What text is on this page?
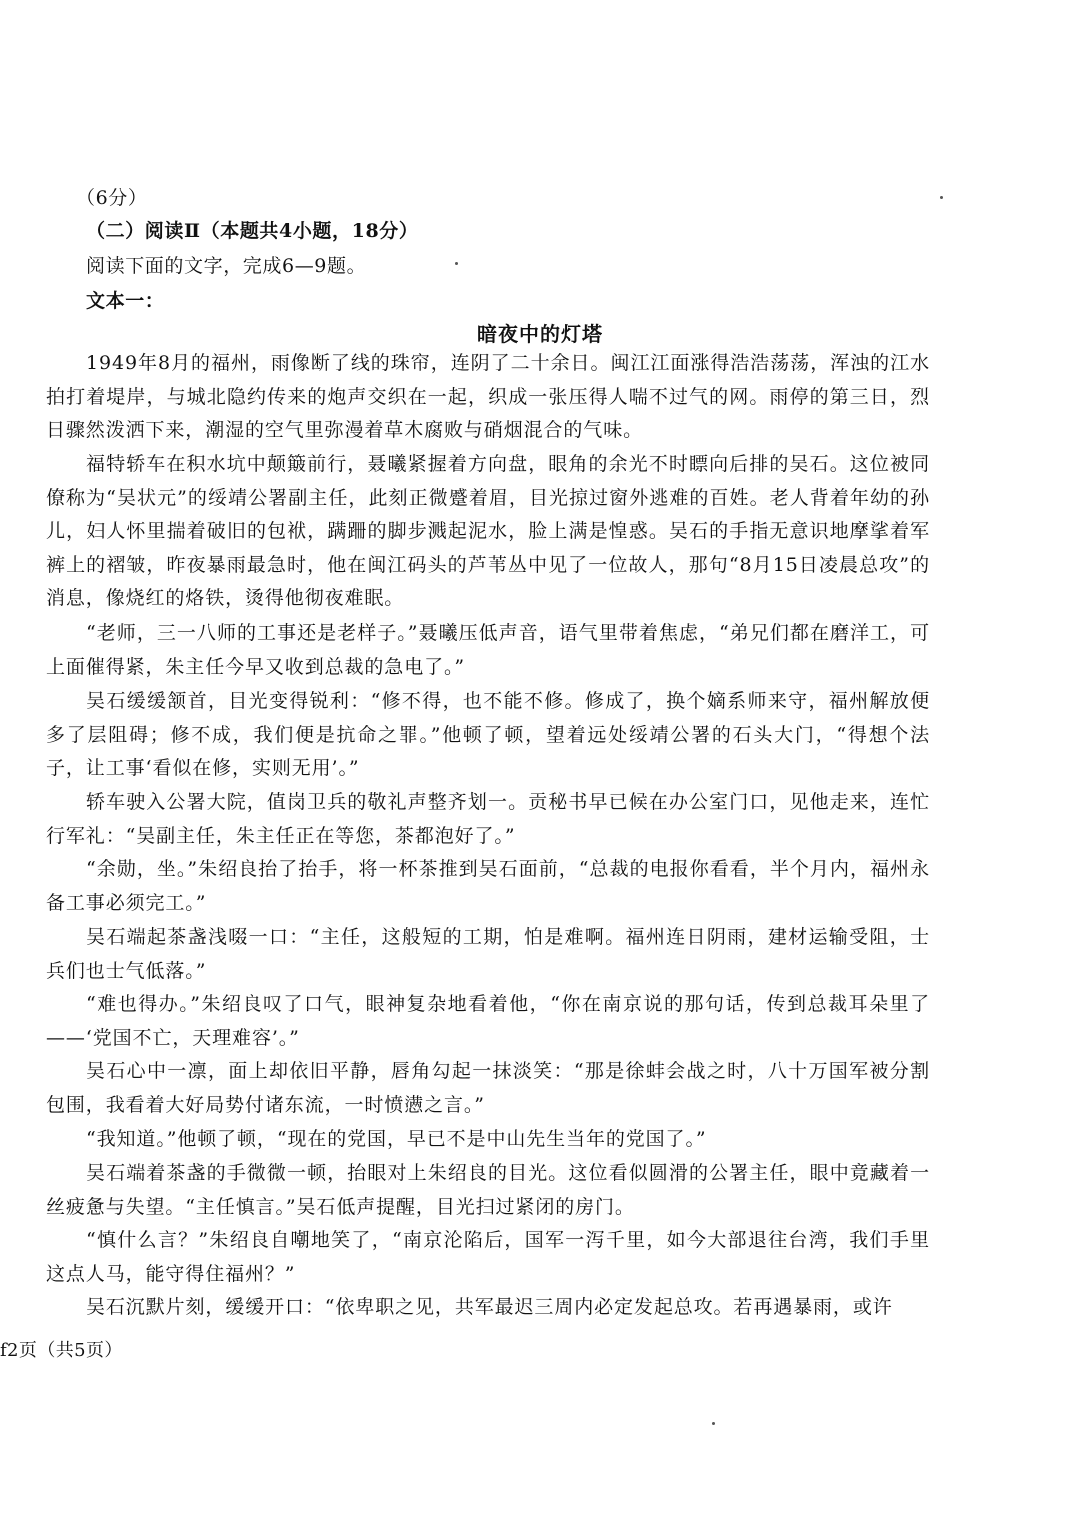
（6分）
（二）阅读Ⅱ（本题共4小题，18分）
阅读下面的文字，完成6—9题。
文本一：
暗夜中的灯塔
1949年8月的福州，雨像断了线的珠帘，连阴了二十余日。闽江江面涨得浩浩荡荡，浑浊的江水拍打着堤岸，与城北隐约传来的炮声交织在一起，织成一张压得人喘不过气的网。雨停的第三日，烈日骤然泼洒下来，潮湿的空气里弥漫着草木腐败与硝烟混合的气味。
福特轿车在积水坑中颠簸前行，聂曦紧握着方向盘，眼角的余光不时瞟向后排的吴石。这位被同僚称为“吴状元”的绥靖公署副主任，此刻正微蹙着眉，目光掠过窗外逃难的百姓。老人背着年幼的孙儿，妇人怀里揣着破旧的包袱，蹒跚的脚步溅起泥水，脸上满是惶惑。吴石的手指无意识地摩挲着军裤上的褶皱，昨夜暴雨最急时，他在闽江码头的芦苇丛中见了一位故人，那句“8月15日凌晨总攻”的消息，像烧红的烙铁，烫得他彻夜难眠。
“老师，三一八师的工事还是老样子。”聂曦压低声音，语气里带着焦虑，“弟兄们都在磨洋工，可上面催得紧，朱主任今早又收到总裁的急电了。”
吴石缓缓颔首，目光变得锐利：“修不得，也不能不修。修成了，换个嫡系师来守，福州解放便多了层阻碍；修不成，我们便是抗命之罪。”他顿了顿，望着远处绥靖公署的石头大门，“得想个法子，让工事‘看似在修，实则无用’。”
轿车驶入公署大院，值岗卫兵的敬礼声整齐划一。贡秘书早已候在办公室门口，见他走来，连忙行军礼：“吴副主任，朱主任正在等您，茶都泡好了。”
“余勋，坐。”朱绍良抬了抬手，将一杯茶推到吴石面前，“总裁的电报你看看，半个月内，福州永备工事必须完工。”
吴石端起茶盏浅啜一口：“主任，这般短的工期，怕是难啊。福州连日阴雨，建材运输受阻，士兵们也士气低落。”
“难也得办。”朱绍良叹了口气，眼神复杂地看着他，“你在南京说的那句话，传到总裁耳朵里了——‘党国不亡，天理难容’。”
吴石心中一凛，面上却依旧平静，唇角勾起一抹淡笑：“那是徐蚌会战之时，八十万国军被分割包围，我看着大好局势付诸东流，一时愤懑之言。”
“我知道。”他顿了顿，“现在的党国，早已不是中山先生当年的党国了。”
吴石端着茶盏的手微微一顿，抬眼对上朱绍良的目光。这位看似圆滑的公署主任，眼中竟藏着一丝疲惫与失望。“主任慎言。”吴石低声提醒，目光扫过紧闭的房门。
“慎什么言？”朱绍良自嘲地笑了，“南京沦陷后，国军一泻千里，如今大部退往台湾，我们手里这点人马，能守得住福州？”
吴石沉默片刻，缓缓开口：“依卑职之见，共军最迟三周内必定发起总攻。若再遇暴雨，或许
f2页（共5页）
